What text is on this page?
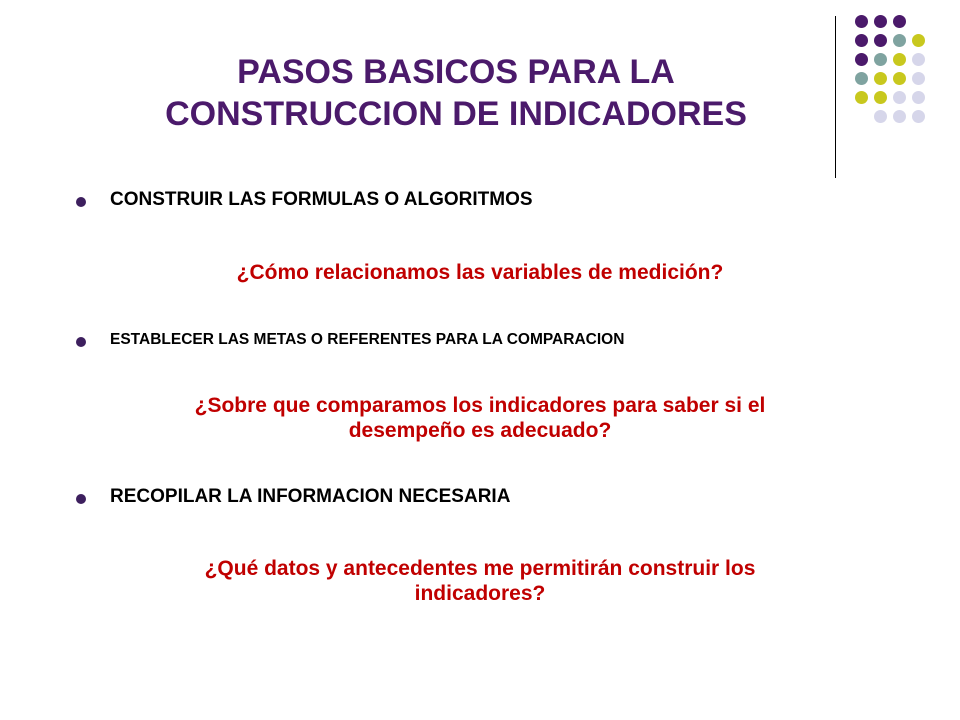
PASOS BASICOS PARA LA
CONSTRUCCION DE INDICADORES
CONSTRUIR LAS FORMULAS O ALGORITMOS
¿Cómo relacionamos las variables de medición?
ESTABLECER LAS METAS O REFERENTES PARA LA COMPARACION
¿Sobre que comparamos los indicadores para saber si el
desempeño es adecuado?
RECOPILAR LA INFORMACION NECESARIA
¿Qué datos y antecedentes me permitirán construir los
indicadores?
